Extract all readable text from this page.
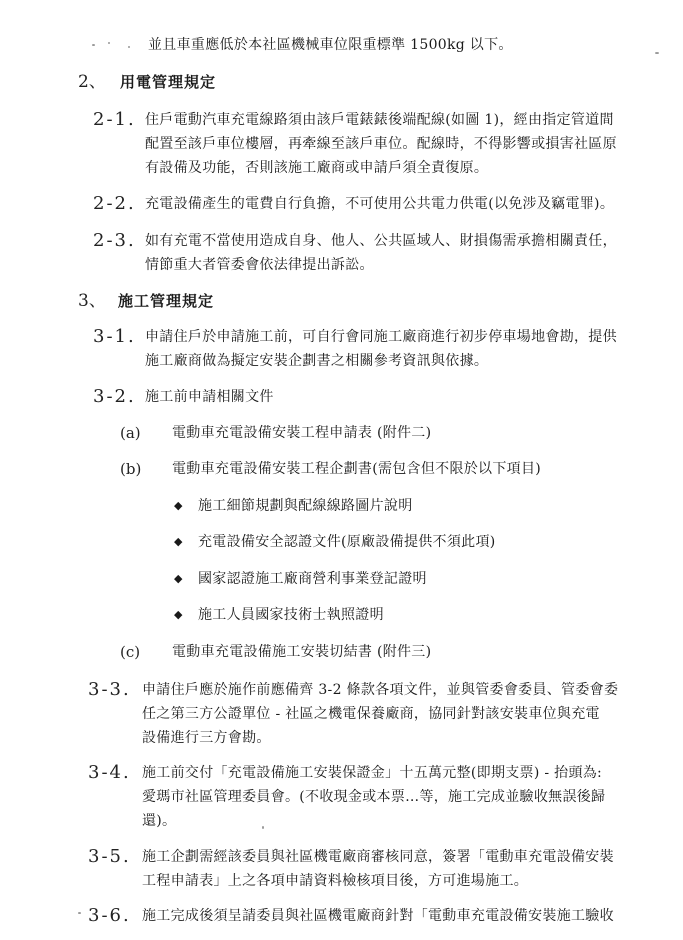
並且車重應低於本社區機械車位限重標準 1500kg 以下。
2、 用電管理規定
2-1. 住戶電動汽車充電線路須由該戶電錶錶後端配線(如圖 1)，經由指定管道間
配置至該戶車位樓層，再牽線至該戶車位。配線時，不得影響或損害社區原
有設備及功能，否則該施工廠商或申請戶須全責復原。
2-2. 充電設備產生的電費自行負擔，不可使用公共電力供電(以免涉及竊電罪)。
2-3. 如有充電不當使用造成自身、他人、公共區域人、財損傷需承擔相關責任，
情節重大者管委會依法律提出訴訟。
3、 施工管理規定
3-1. 申請住戶於申請施工前，可自行會同施工廠商進行初步停車場地會勘，提供
施工廠商做為擬定安裝企劃書之相關參考資訊與依據。
3-2. 施工前申請相關文件
(a) 電動車充電設備安裝工程申請表 (附件二)
(b) 電動車充電設備安裝工程企劃書(需包含但不限於以下項目)
◆ 施工細節規劃與配線線路圖片說明
◆ 充電設備安全認證文件(原廠設備提供不須此項)
◆ 國家認證施工廠商營利事業登記證明
◆ 施工人員國家技術士執照證明
(c) 電動車充電設備施工安裝切結書 (附件三)
3-3. 申請住戶應於施作前應備齊 3-2 條款各項文件，並與管委會委員、管委會委
任之第三方公證單位 - 社區之機電保養廠商，協同針對該安裝車位與充電
設備進行三方會勘。
3-4. 施工前交付「充電設備施工安裝保證金」十五萬元整(即期支票) - 抬頭為:
愛瑪市社區管理委員會。(不收現金或本票…等，施工完成並驗收無誤後歸
還)。
3-5. 施工企劃需經該委員與社區機電廠商審核同意，簽署「電動車充電設備安裝
工程申請表」上之各項申請資料檢核項目後，方可進場施工。
3-6. 施工完成後須呈請委員與社區機電廠商針對「電動車充電設備安裝施工驗收
